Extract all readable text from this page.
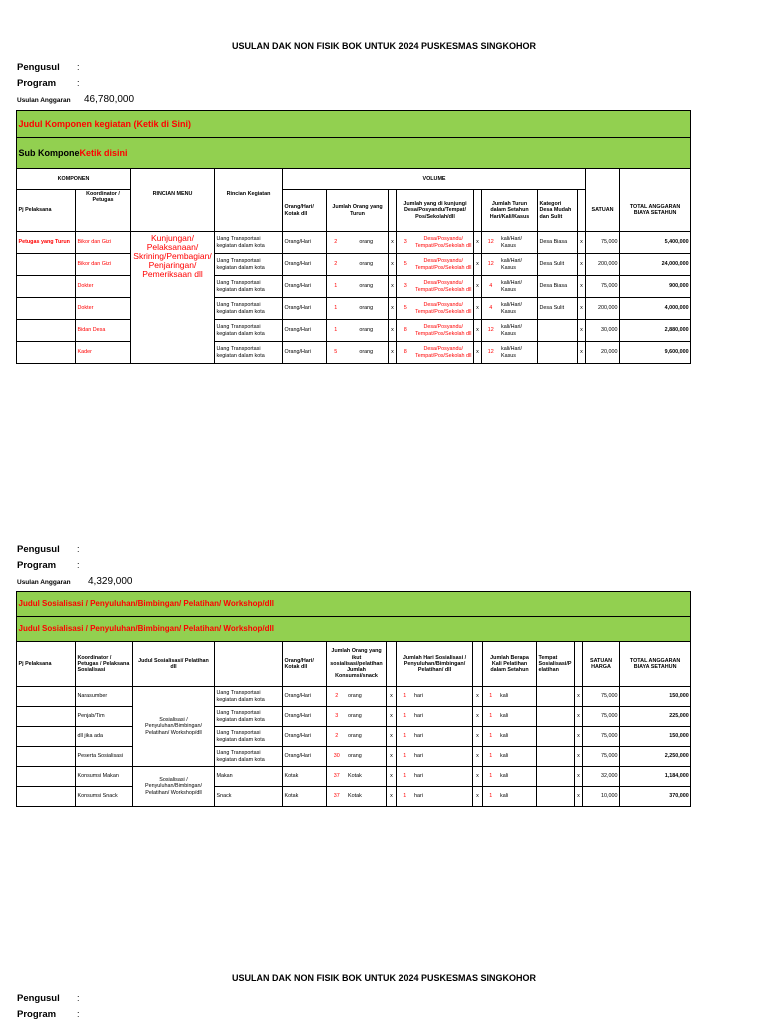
USULAN DAK NON FISIK BOK UNTUK 2024 PUSKESMAS SINGKOHOR
Pengusul :
Program :
Usulan Anggaran 46,780,000
Judul Komponen kegiatan (Ketik di Sini)																
Sub KomponeKetik disini																
KOMPONEN				VOLUME												
Pj Pelaksana	Koordinator / Petugas	RINCIAN MENU	Rincian Kegiatan	Orang/Hari/ Kotak dll	Jumlah Orang yang Turun			Jumlah yang di kunjungi Desa/Posyandu/Tempat/ Pos/Sekolah/dll			Jumlah Turun dalam Setahun Hari/Kali/Kasus		Kategori Desa Mudah dan Sulit		SATUAN	TOTAL ANGGARAN BIAYA SETAHUN
Petugas yang Turun	Bikor dan Gizi	Kunjungan/ Pelaksanaan/ Skrining/Pembagian/ Penjaringan/ Pemeriksaan dll	Uang Transportasi kegiatan dalam kota	Orang/Hari	2	orang	x	3	Desa/Posyandu/ Tempat/Pos/Sekolah dll	x	12	kali/Hari/ Kasus	Desa Biasa	x	75,000	5,400,000
	Bikor dan Gizi		Uang Transportasi kegiatan dalam kota	Orang/Hari	2	orang	x	5	Desa/Posyandu/ Tempat/Pos/Sekolah dll	x	12	kali/Hari/ Kasus	Desa Sulit	x	200,000	24,000,000
	Dokter		Uang Transportasi kegiatan dalam kota	Orang/Hari	1	orang	x	3	Desa/Posyandu/ Tempat/Pos/Sekolah dll	x	4	kali/Hari/ Kasus	Desa Biasa	x	75,000	900,000
	Dokter		Uang Transportasi kegiatan dalam kota	Orang/Hari	1	orang	x	5	Desa/Posyandu/ Tempat/Pos/Sekolah dll	x	4	kali/Hari/ Kasus	Desa Sulit	x	200,000	4,000,000
	Bidan Desa		Uang Transportasi kegiatan dalam kota	Orang/Hari	1	orang	x	8	Desa/Posyandu/ Tempat/Pos/Sekolah dll	x	12	kali/Hari/ Kasus		x	30,000	2,880,000
	Kader		Uang Transportasi kegiatan dalam kota	Orang/Hari	5	orang	x	8	Desa/Posyandu/ Tempat/Pos/Sekolah dll	x	12	kali/Hari/ Kasus		x	20,000	9,600,000
Pengusul :
Program :
Usulan Anggaran 4,329,000
Judul Sosialisasi / Penyuluhan/Bimbingan/ Pelatihan/ Workshop/dll																
Judul Sosialisasi / Penyuluhan/Bimbingan/ Pelatihan/ Workshop/dll																
Pj Pelaksana	Koordinator / Petugas / Pelaksana Sosialisasi	Judul Sosialisasi/ Pelatihan dll		Orang/Hari/ Kotak dll	Jumlah Orang yang ikut sosialisasi/pelatihan Jumlah Konsumsi/snack			Jumlah Hari Sosialisasi / Penyuluhan/Bimbingan/ Pelatihan/ dll			Jumlah Berapa Kali Pelatihan dalam Setahun		Tempat Sosialisasi/P elatihan		SATUAN HARGA	TOTAL ANGGARAN BIAYA SETAHUN
	Narasumber	Sosialisasi / Penyuluhan/Bimbingan/ Pelatihan/ Workshop/dll	Uang Transportasi kegiatan dalam kota	Orang/Hari	2	orang	x	1	hari	x	1	kali		x	75,000	150,000
	Penjab/Tim		Uang Transportasi kegiatan dalam kota	Orang/Hari	3	orang	x	1	hari	x	1	kali		x	75,000	225,000
	dll jika ada		Uang Transportasi kegiatan dalam kota	Orang/Hari	2	orang	x	1	hari	x	1	kali		x	75,000	150,000
	Peserta Sosialisasi		Uang Transportasi kegiatan dalam kota	Orang/Hari	30	orang	x	1	hari	x	1	kali		x	75,000	2,250,000
	Konsumsi Makan	Sosialisasi / Penyuluhan/Bimbingan/ Pelatihan/ Workshop/dll	Makan	Kotak	37	Kotak	x	1	hari	x	1	kali		x	32,000	1,184,000
	Konsumsi Snack		Snack	Kotak	37	Kotak	x	1	hari	x	1	kali		x	10,000	370,000
USULAN DAK NON FISIK BOK UNTUK 2024 PUSKESMAS SINGKOHOR
Pengusul :
Program :
